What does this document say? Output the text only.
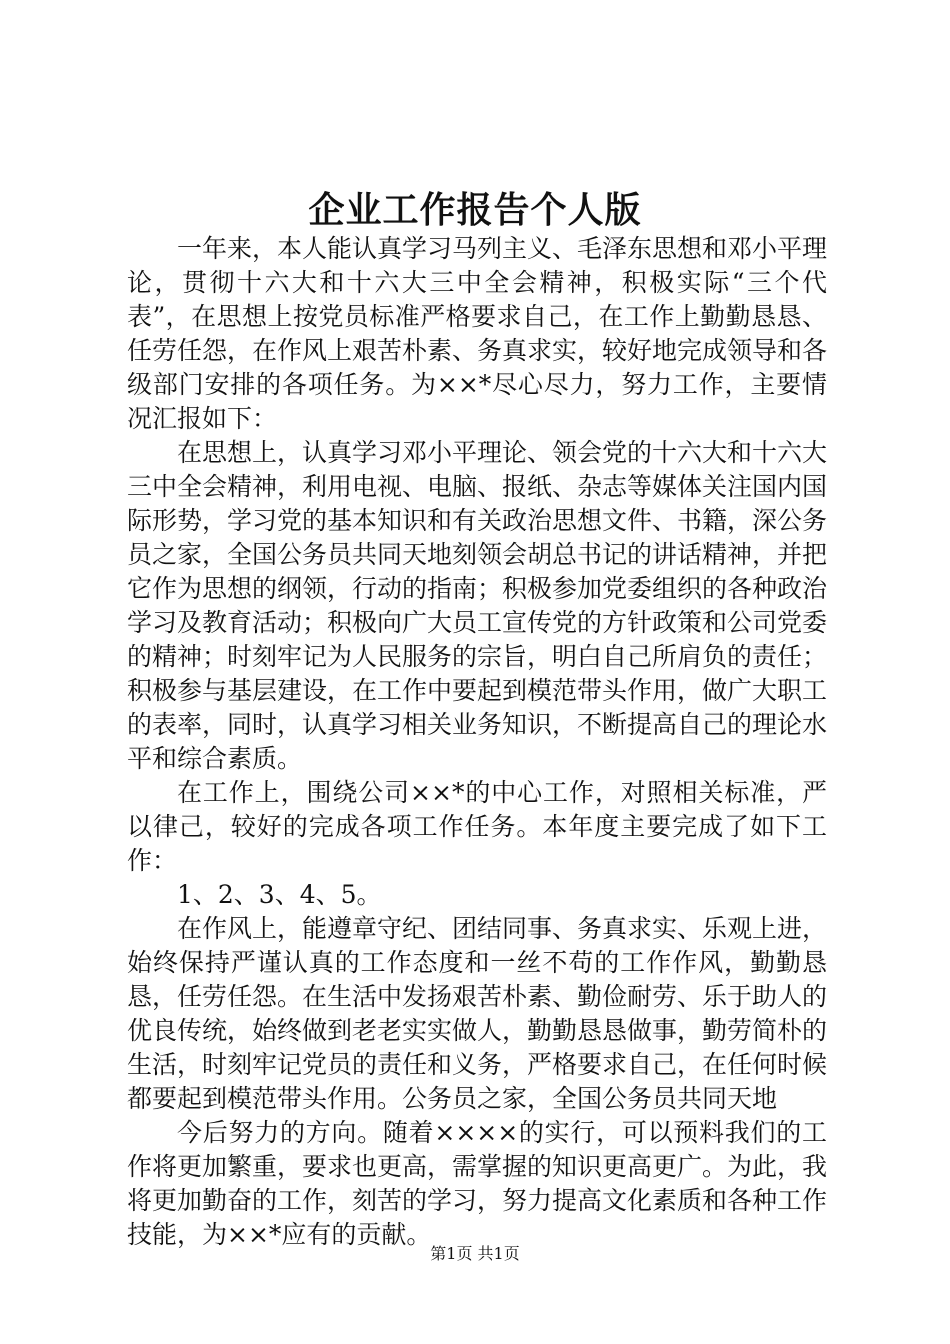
企业工作报告个人版

一年来，本人能认真学习马列主义、毛泽东思想和邓小平理论，贯彻十六大和十六大三中全会精神，积极实际“三个代表”，在思想上按党员标准严格要求自己，在工作上勤勤恳恳、任劳任怨，在作风上艰苦朴素、务真求实，较好地完成领导和各级部门安排的各项任务。为××*尽心尽力，努力工作，主要情况汇报如下：

在思想上，认真学习邓小平理论、领会党的十六大和十六大三中全会精神，利用电视、电脑、报纸、杂志等媒体关注国内国际形势，学习党的基本知识和有关政治思想文件、书籍，深公务员之家，全国公务员共同天地刻领会胡总书记的讲话精神，并把它作为思想的纲领，行动的指南；积极参加党委组织的各种政治学习及教育活动；积极向广大员工宣传党的方针政策和公司党委的精神；时刻牢记为人民服务的宗旨，明白自己所肩负的责任；积极参与基层建设，在工作中要起到模范带头作用，做广大职工的表率，同时，认真学习相关业务知识，不断提高自己的理论水平和综合素质。

在工作上，围绕公司××*的中心工作，对照相关标准，严以律己，较好的完成各项工作任务。本年度主要完成了如下工作：

1、2、3、4、5。

在作风上，能遵章守纪、团结同事、务真求实、乐观上进，始终保持严谨认真的工作态度和一丝不苟的工作作风，勤勤恳恳，任劳任怨。在生活中发扬艰苦朴素、勤俭耐劳、乐于助人的优良传统，始终做到老老实实做人，勤勤恳恳做事，勤劳简朴的生活，时刻牢记党员的责任和义务，严格要求自己，在任何时候都要起到模范带头作用。公务员之家，全国公务员共同天地

今后努力的方向。随着××××的实行，可以预料我们的工作将更加繁重，要求也更高，需掌握的知识更高更广。为此，我将更加勤奋的工作，刻苦的学习，努力提高文化素质和各种工作技能，为××*应有的贡献。

第1页 共1页
